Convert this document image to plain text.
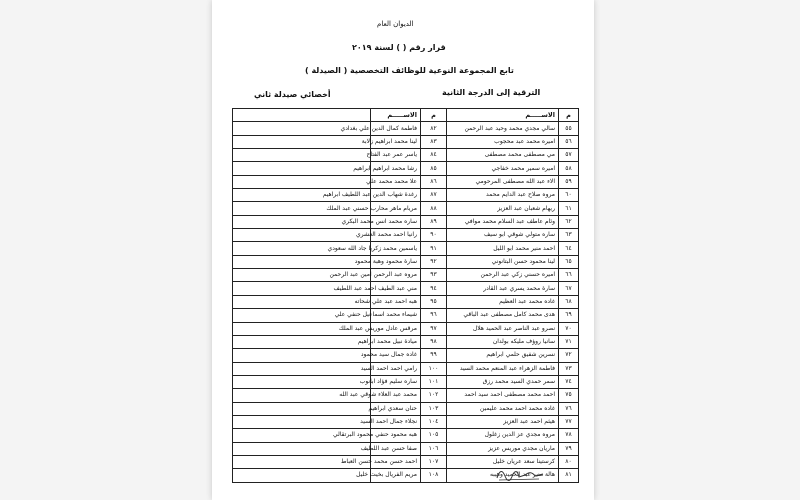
الديوان العام
قرار رقم ( ) لسنة ٢٠١٩
تابع المجموعة النوعية للوظائف التخصصية ( الصيدلة )
الترقية إلى الدرجة الثانية
أخصائي صيدلة ثاني
م	الاســـــم
٥٥	سالي مجدي محمد وحيد عبد الرحمن
٥٦	اميره محمد عبد محجوب
٥٧	مي مصطفى محمد مصطفى
٥٨	اميره سمير محمد خفاجي
٥٩	الاء عبد الله مصطفى المرحومي
٦٠	مروه صلاح عبد الدايم محمد
٦١	ريهام شعبان عبد العزيز
٦٢	وئام عاطف عبد السلام محمد موافي
٦٣	ساره متولي شوقي ابو سيف
٦٤	احمد منير محمد ابو الليل
٦٥	لينا محمود حسن البتانوني
٦٦	اميره حسني زكي عبد الرحمن
٦٧	سارة محمد يسري عبد القادر
٦٨	غاده محمد عبد العظيم
٦٩	هدى محمد كامل مصطفى عبد الباقي
٧٠	نصرو عبد الناصر عبد الحميد هلال
٧١	سانيا روؤف مليكه بولدان
٧٢	نسرين شفيق حلمي ابراهيم
٧٣	فاطمة الزهراء عبد المنعم محمد السيد
٧٤	سمر حمدي السيد محمد رزق
٧٥	احمد محمد مصطفى احمد سيد احمد
٧٦	غاده محمد احمد محمد عليمين
٧٧	هيثم احمد عبد العزيز
٧٨	مروه مجدي عز الدين زغلول
٧٩	ماريان مجدي موريس عزيز
٨٠	كرستينا سعد عريان خليل
٨١	هالة منير عبد الحميد وهيبه
م	الاســـــم
٨٢	فاطمة كمال الدين علي بغدادي
٨٣	لينا محمد ابراهيم زلابة
٨٤	ياسر عمر عبد الفتاح
٨٥	رشا محمد ابراهيم ابراهيم
٨٦	علا محمد محمد علي
٨٧	رغدة شهاب الدين عبد اللطيف ابراهيم
٨٨	مريام ماهر محارب حسني عبد الملك
٨٩	ساره محمد انس محمد البكري
٩٠	رانيا احمد محمد العشري
٩١	ياسمين محمد زكريا جاد الله سعودي
٩٢	سارة محمود وهبة محمود
٩٣	مروه عبد الرحمن امين عبد الرحمن
٩٤	مني عبد الطيف احمد عبد اللطيف
٩٥	هبه احمد عبد علي شحاته
٩٦	شيماء محمد اسماعيل حنفي علي
٩٧	مرقس عادل موريس عبد الملك
٩٨	ميادة نبيل محمد ابراهيم
٩٩	غاده جمال سيد محمود
١٠٠	رامي احمد احمد السيد
١٠١	ساره سليم فؤاد ابانوب
١٠٢	محمد عبد العلاء شوقي عبد الله
١٠٣	حنان سعدي ابراهيم
١٠٤	نجلاء جمال احمد السيد
١٠٥	هبه محمود حنفي محمود البرتقالي
١٠٦	صفا حسن عبد اللطيف
١٠٧	احمد حسن محمد حسن العباط
١٠٨	مريم الفريال بخيت خليل
